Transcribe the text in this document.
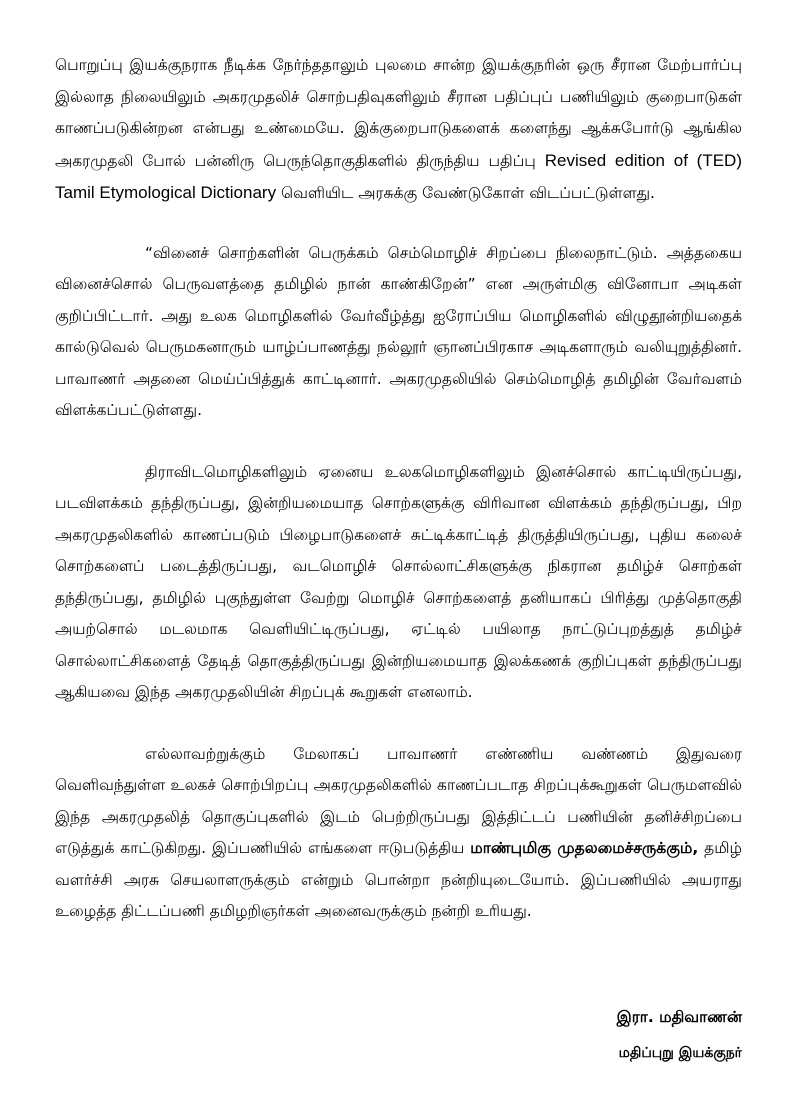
பொறுப்பு இயக்குநராக நீடிக்க நேர்ந்ததாலும் புலமை சான்ற இயக்குநரின் ஒரு சீரான மேற்பார்ப்பு இல்லாத நிலையிலும் அகரமுதலிச் சொற்பதிவுகளிலும் சீரான பதிப்புப் பணியிலும் குறைபாடுகள் காணப்படுகின்றன என்பது உண்மையே. இக்குறைபாடுகளைக் களைந்து ஆக்சுபோர்டு ஆங்கில அகரமுதலி போல் பன்னிரு பெருந்தொகுதிகளில் திருந்திய பதிப்பு Revised edition of (TED) Tamil Etymological Dictionary வெளியிட அரசுக்கு வேண்டுகோள் விடப்பட்டுள்ளது.

“வினைச் சொற்களின் பெருக்கம் செம்மொழிச் சிறப்பை நிலைநாட்டும். அத்தகைய வினைச்சொல் பெருவளத்தை தமிழில் நான் காண்கிறேன்” என அருள்மிகு வினோபா அடிகள் குறிப்பிட்டார். அது உலக மொழிகளில் வேர்வீழ்த்து ஐரோப்பிய மொழிகளில் விழுதூன்றியதைக் கால்டுவெல் பெருமகனாரும் யாழ்ப்பாணத்து நல்லூர் ஞானப்பிரகாச அடிகளாரும் வலியுறுத்தினர். பாவாணர் அதனை மெய்ப்பித்துக் காட்டினார். அகரமுதலியில் செம்மொழித் தமிழின் வேர்வளம் விளக்கப்பட்டுள்ளது.

திராவிடமொழிகளிலும் ஏனைய உலகமொழிகளிலும் இனச்சொல் காட்டியிருப்பது, படவிளக்கம் தந்திருப்பது, இன்றியமையாத சொற்களுக்கு விரிவான விளக்கம் தந்திருப்பது, பிற அகரமுதலிகளில் காணப்படும் பிழைபாடுகளைச் சுட்டிக்காட்டித் திருத்தியிருப்பது, புதிய கலைச் சொற்களைப் படைத்திருப்பது, வடமொழிச் சொல்லாட்சிகளுக்கு நிகரான தமிழ்ச் சொற்கள் தந்திருப்பது, தமிழில் புகுந்துள்ள வேற்று மொழிச் சொற்களைத் தனியாகப் பிரித்து முத்தொகுதி அயற்சொல் மடலமாக வெளியிட்டிருப்பது, ஏட்டில் பயிலாத நாட்டுப்புறத்துத் தமிழ்ச் சொல்லாட்சிகளைத் தேடித் தொகுத்திருப்பது இன்றியமையாத இலக்கணக் குறிப்புகள் தந்திருப்பது ஆகியவை இந்த அகரமுதலியின் சிறப்புக் கூறுகள் எனலாம்.

எல்லாவற்றுக்கும் மேலாகப் பாவாணர் எண்ணிய வண்ணம் இதுவரை வெளிவந்துள்ள உலகச் சொற்பிறப்பு அகரமுதலிகளில் காணப்படாத சிறப்புக்கூறுகள் பெருமளவில் இந்த அகரமுதலித் தொகுப்புகளில் இடம் பெற்றிருப்பது இத்திட்டப் பணியின் தனிச்சிறப்பை எடுத்துக் காட்டுகிறது. இப்பணியில் எங்களை ஈடுபடுத்திய மாண்புமிகு முதலமைச்சருக்கும், தமிழ் வளர்ச்சி அரசு செயலாளருக்கும் என்றும் பொன்றா நன்றியுடையோம். இப்பணியில் அயராது உழைத்த திட்டப்பணி தமிழறிஞர்கள் அனைவருக்கும் நன்றி உரியது.

இரா. மதிவாணன்

மதிப்புறு இயக்குநர்
